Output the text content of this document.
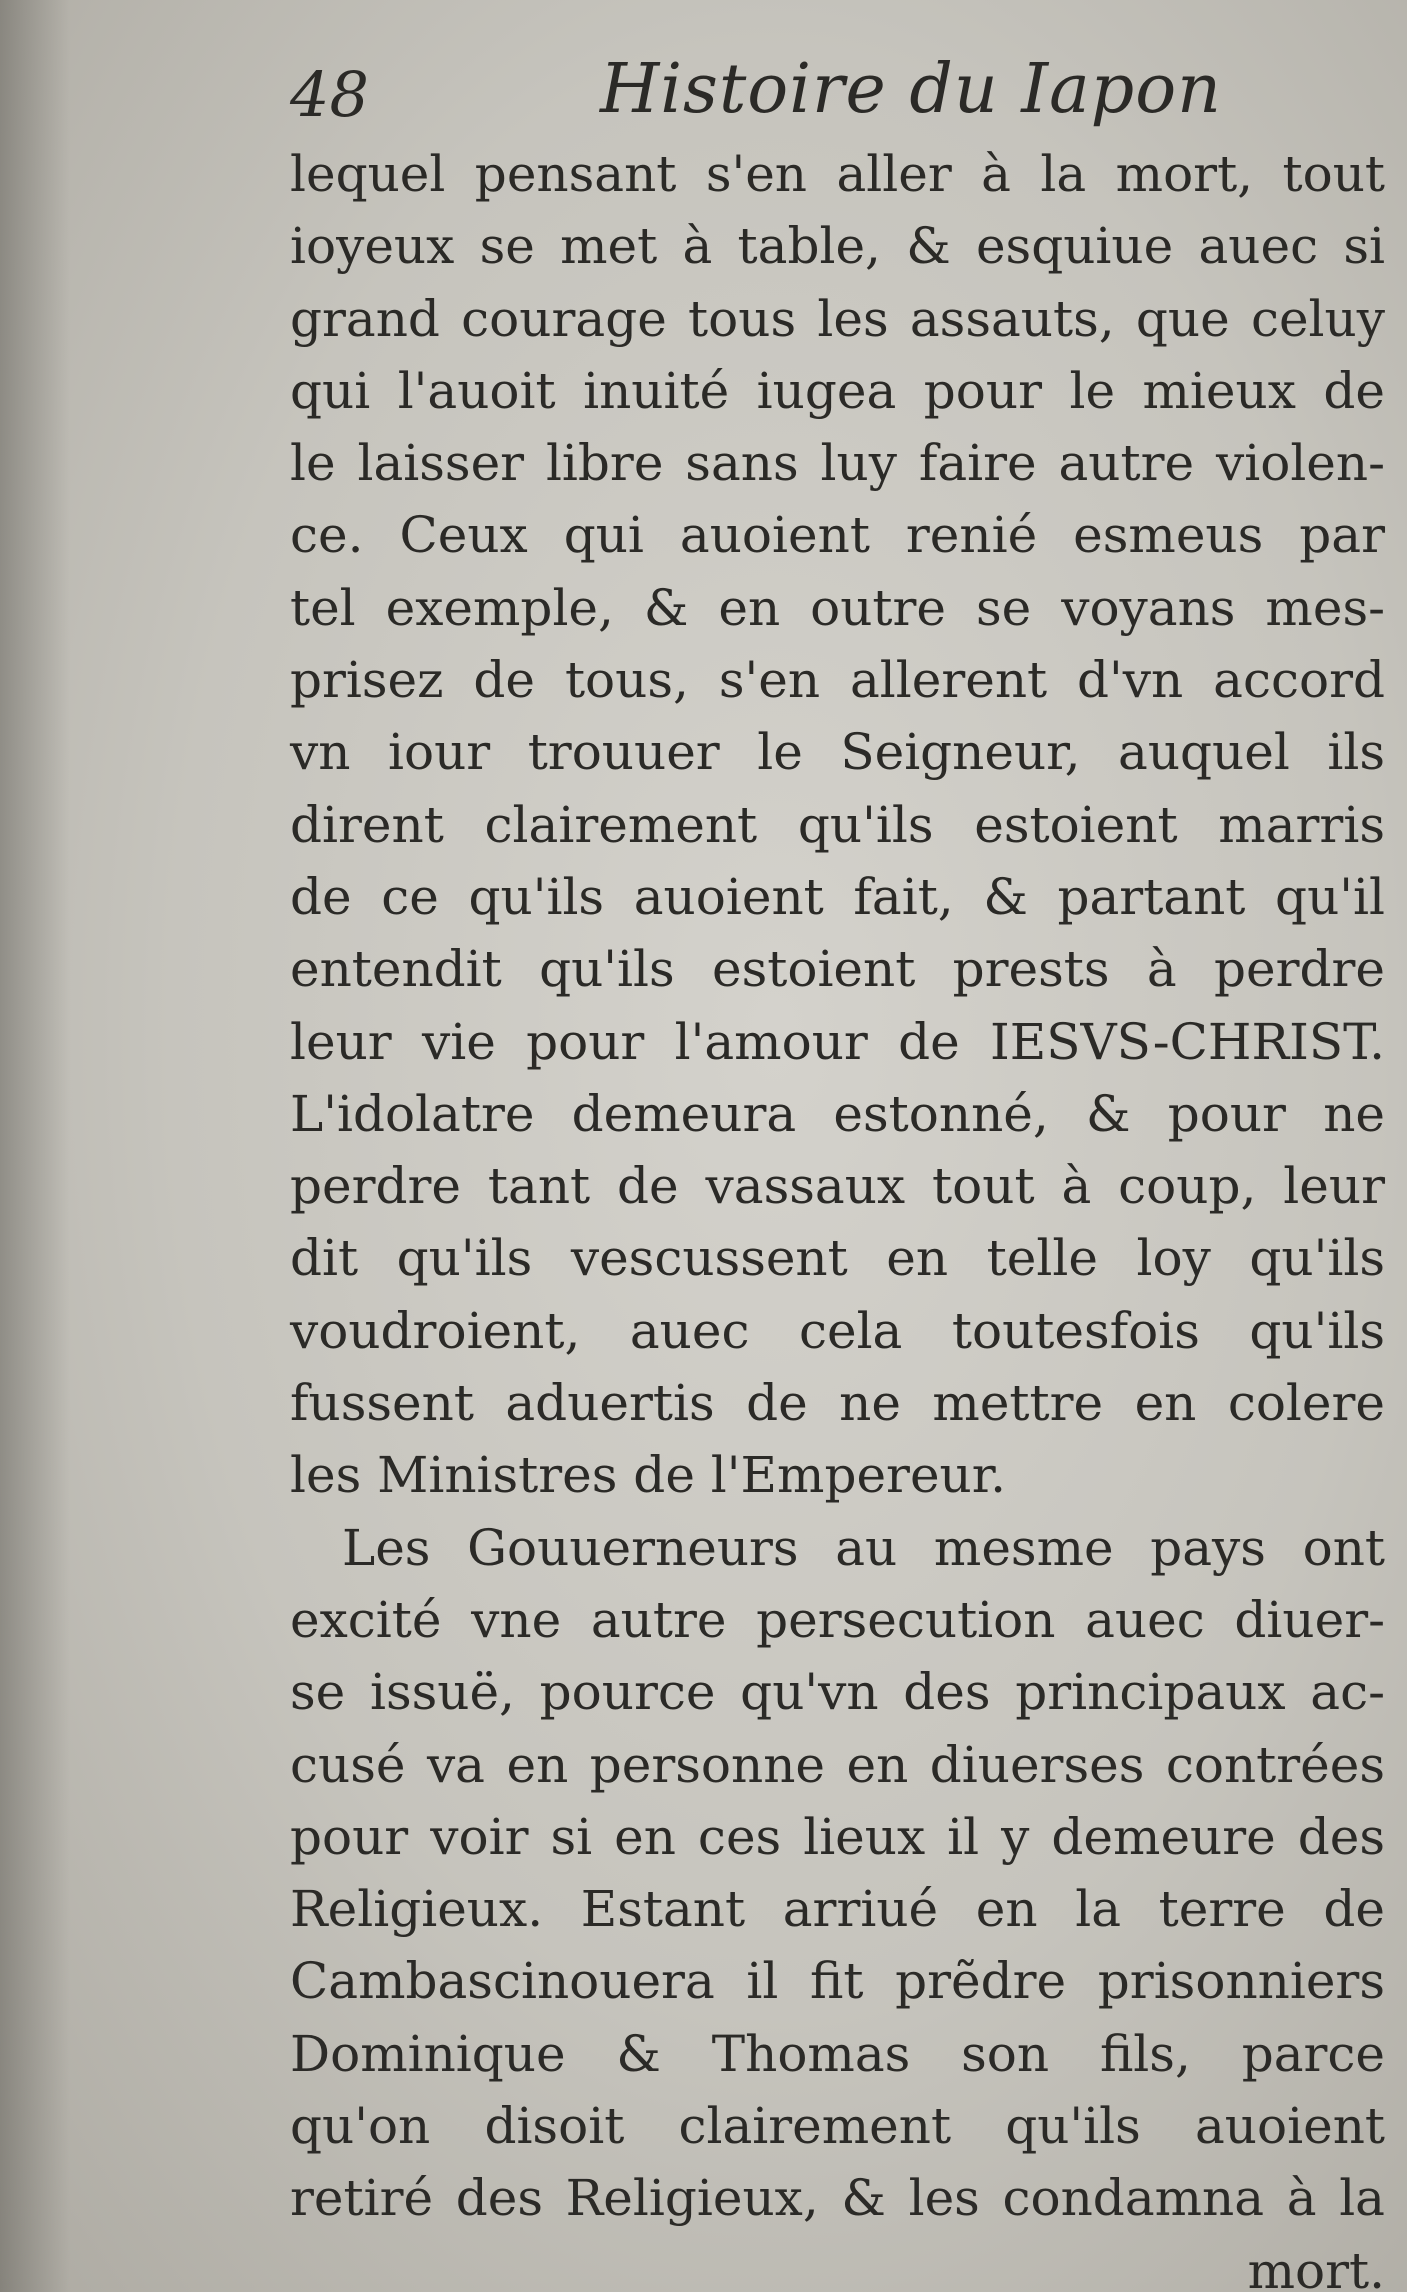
48	Histoire du Iapon
lequel pensant s'en aller à la mort, tout
ioyeux se met à table, & esquiue auec si
grand courage tous les assauts, que celuy
qui l'auoit inuité iugea pour le mieux de
le laisser libre sans luy faire autre violen-
ce. Ceux qui auoient renié esmeus par
tel exemple, & en outre se voyans mes-
prisez de tous, s'en allerent d'vn accord
vn iour trouuer le Seigneur, auquel ils
dirent clairement qu'ils estoient marris
de ce qu'ils auoient fait, & partant qu'il
entendit qu'ils estoient prests à perdre
leur vie pour l'amour de IESVS-CHRIST.
L'idolatre demeura estonné, & pour ne
perdre tant de vassaux tout à coup, leur
dit qu'ils vescussent en telle loy qu'ils
voudroient, auec cela toutesfois qu'ils
fussent aduertis de ne mettre en colere
les Ministres de l'Empereur.
Les Gouuerneurs au mesme pays ont
excité vne autre persecution auec diuer-
se issuë, pource qu'vn des principaux ac-
cusé va en personne en diuerses contrées
pour voir si en ces lieux il y demeure des
Religieux. Estant arriué en la terre de
Cambascinouera il fit prẽdre prisonniers
Dominique & Thomas son fils, parce
qu'on disoit clairement qu'ils auoient
retiré des Religieux, & les condamna à la
mort.
